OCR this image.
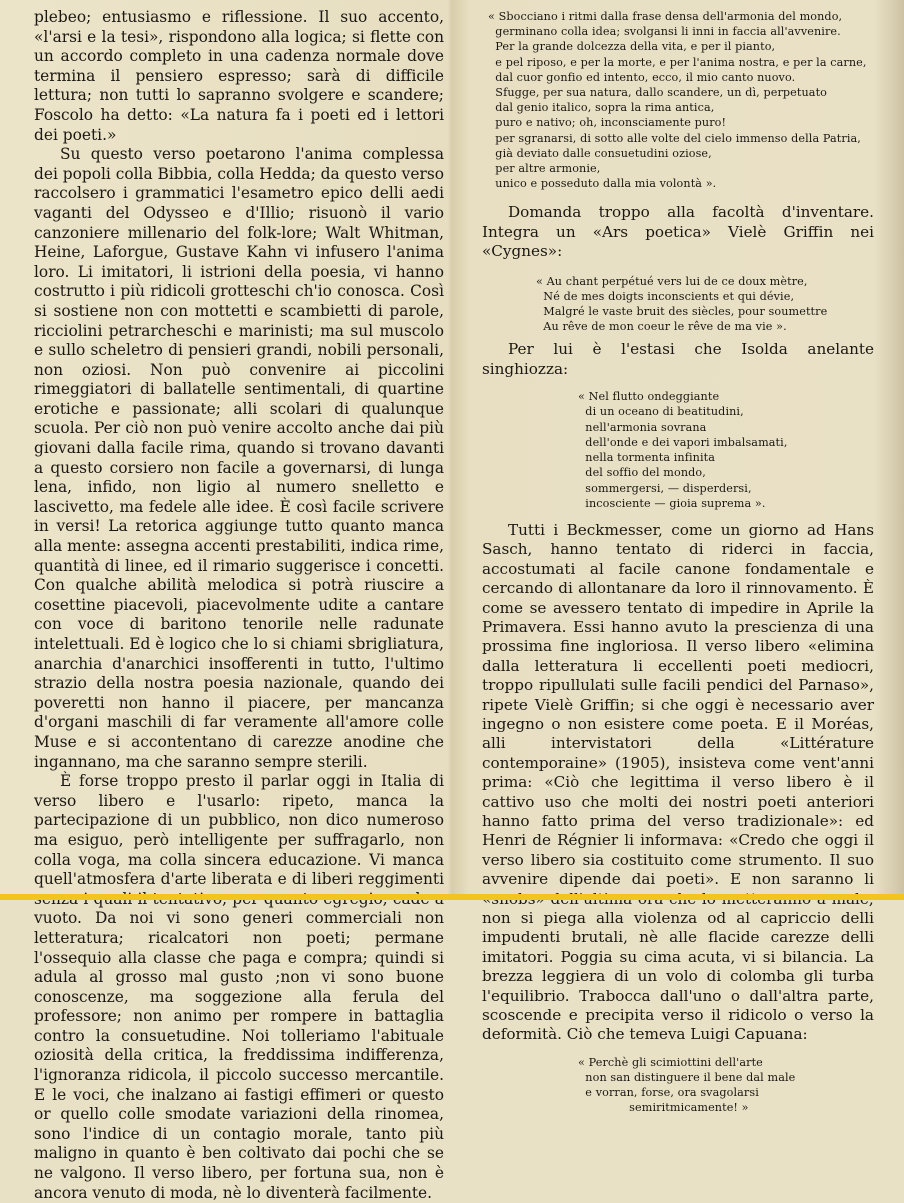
plebeo; entusiasmo e riflessione. Il suo accento, «l'arsi e la tesi», rispondono alla logica; si flette con un accordo completo in una cadenza normale dove termina il pensiero espresso; sarà di difficile lettura; non tutti lo sapranno svolgere e scandere; Foscolo ha detto: «La natura fa i poeti ed i lettori dei poeti.»

Su questo verso poetarono l'anima complessa dei popoli colla Bibbia, colla Hedda; da questo verso raccolsero i grammatici l'esametro epico delli aedi vaganti del Odysseo e d'Illio; risuonò il vario canzoniere millenario del folk-lore; Walt Whitman, Heine, Laforgue, Gustave Kahn vi infusero l'anima loro. Li imitatori, li istrioni della poesia, vi hanno costrutto i più ridicoli grotteschi ch'io conosca. Così si sostiene non con mottetti e scambietti di parole, ricciolini petrarcheschi e marinisti; ma sul muscolo e sullo scheletro di pensieri grandi, nobili personali, non oziosi. Non può convenire ai piccolini rimeggiatori di ballatelle sentimentali, di quartine erotiche e passionate; alli scolari di qualunque scuola. Per ciò non può venire accolto anche dai più giovani dalla facile rima, quando si trovano davanti a questo corsiero non facile a governarsi, di lunga lena, infido, non ligio al numero snelletto e lascivetto, ma fedele alle idee. È così facile scrivere in versi! La retorica aggiunge tutto quanto manca alla mente: assegna accenti prestabiliti, indica rime, quantità di linee, ed il rimario suggerisce i concetti. Con qualche abilità melodica si potrà riuscire a cosettine piacevoli, piacevolmente udite a cantare con voce di baritono tenorile nelle radunate intelettuali. Ed è logico che lo si chiami sbrigliatura, anarchia d'anarchici insofferenti in tutto, l'ultimo strazio della nostra poesia nazionale, quando dei poveretti non hanno il piacere, per mancanza d'organi maschili di far veramente all'amore colle Muse e si accontentano di carezze anodine che ingannano, ma che saranno sempre sterili.

È forse troppo presto il parlar oggi in Italia di verso libero e l'usarlo: ripeto, manca la partecipazione di un pubblico, non dico numeroso ma esiguo, però intelligente per suffragarlo, non colla voga, ma colla sincera educazione. Vi manca quell'atmosfera d'arte liberata e di liberi reggimenti vuoto. Da noi vi sono generi commerciali non letteratura; ricalcatori non poeti; permane l'ossequio alla classe che paga e compra; quindi si adula al grosso mal gusto ;non vi sono buone conoscenze, ma soggezione alla ferula del professore; non animo per rompere in battaglia contro la consuetudine. Noi tolleriamo l'abituale oziosità della critica, la freddissima indifferenza, l'ignoranza ridicola, il piccolo successo mercantile. E le voci, che inalzano ai fastigi effimeri or questo or quello colle smodate variazioni della rinomea, sono l'indice di un contagio morale, tanto più maligno in quanto è ben coltivato dai pochi che se ne valgono. Il verso libero, per fortuna sua, non è ancora venuto di moda, nè lo diventerà facilmente.

« Sbocciano i ritmi dalla frase densa dell'armonia del mondo,
germinano colla idea; svolgansi li inni in faccia all'avvenire.
Per la grande dolcezza della vita, e per il pianto,
e pel riposo, e per la morte, e per l'anima nostra, e per la carne,
dal cuor gonfio ed intento, ecco, il mio canto nuovo.
Sfugge, per sua natura, dallo scandere, un dì, perpetuato
dal genio italico, sopra la rima antica,
puro e nativo; oh, inconsciamente puro!
per sgranarsi, di sotto alle volte del cielo immenso della Patria,
già deviato dalle consuetudini oziose,
per altre armonie,
unico e posseduto dalla mia volontà ».

Domanda troppo alla facoltà d'inventare. Integra un «Ars poetica» Vielè Griffin nei «Cygnes»:

« Au chant perpétué vers lui de ce doux mètre,
Né de mes doigts inconscients et qui dévie,
Malgré le vaste bruit des siècles, pour soumettre
Au rêve de mon coeur le rêve de ma vie ».

Per lui è l'estasi che Isolda anelante singhiozza:

« Nel flutto ondeggiante
di un oceano di beatitudini,
nell'armonia sovrana
dell'onde e dei vapori imbalsamati,
nella tormenta infinita
del soffio del mondo,
sommergersi, — disperdersi,
incosciente — gioia suprema ».

Tutti i Beckmesser, come un giorno ad Hans Sasch, hanno tentato di riderci in faccia, accostumati al facile canone fondamentale e cercando di allontanare da loro il rinnovamento. È come se avessero tentato di impedire in Aprile la Primavera. Essi hanno avuto la prescienza di una prossima fine ingloriosa. Il verso libero «elimina dalla letteratura li eccellenti poeti mediocri, troppo ripullulati sulle facili pendici del Parnaso», ripete Vielè Griffin; si che oggi è necessario aver ingegno o non esistere come poeta. E il Moréas, alli intervistatori della «Littérature contemporaine» (1905), insisteva come vent'anni prima: «Ciò che legittima il verso libero è il cattivo uso che molti dei nostri poeti anteriori hanno fatto prima del verso tradizionale»: ed Henri de Régnier li informava: «Credo che oggi il verso libero sia costituito come strumento. Il suo avvenire dipende dai poeti». E non saranno li non si piega alla violenza od al capriccio delli impudenti brutali, nè alle flacide carezze delli imitatori. Poggia su cima acuta, vi si bilancia. La brezza leggiera di un volo di colomba gli turba l'equilibrio. Trabocca dall'uno o dall'altra parte, scoscende e precipita verso il ridicolo o verso la deformità. Ciò che temeva Luigi Capuana:

« Perchè gli scimiottini dell'arte
non san distinguere il bene dal male
e vorran, forse, ora svagolarsi
semiritmicamente! »
